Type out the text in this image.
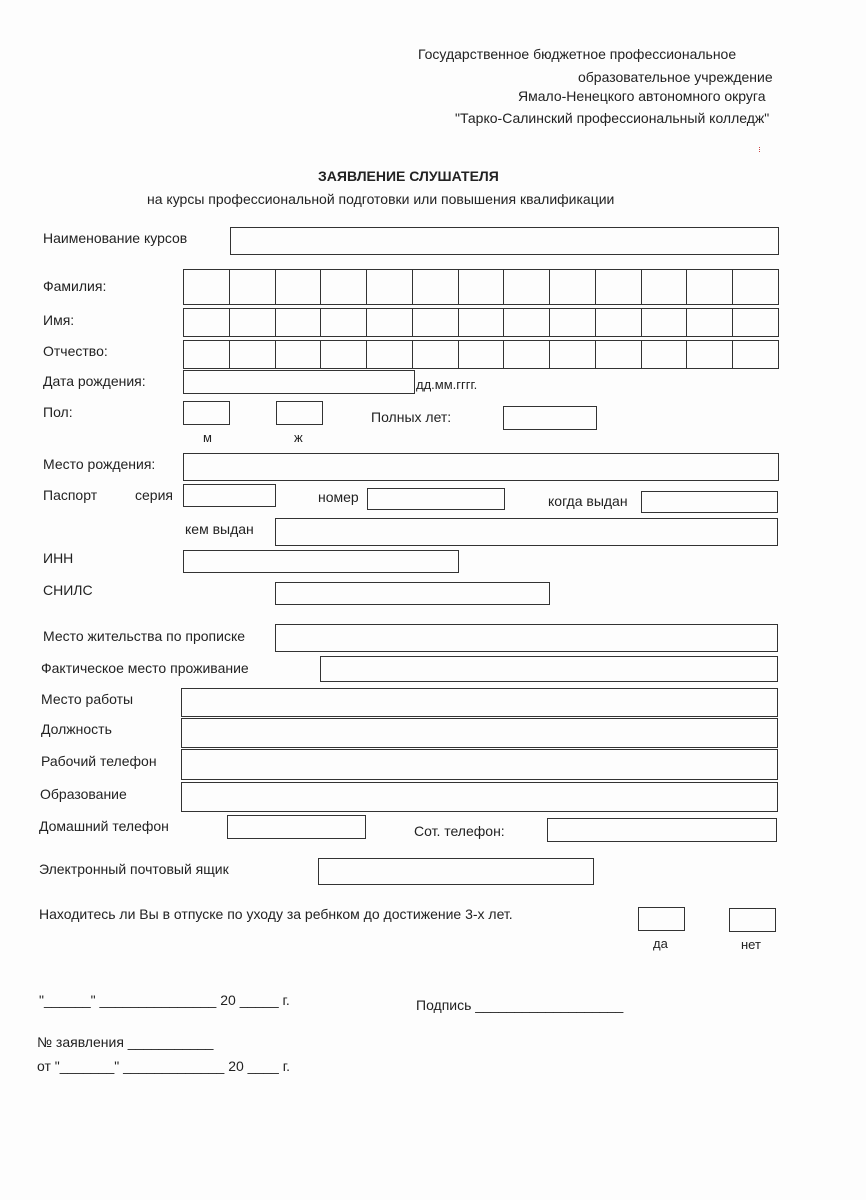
Государственное бюджетное профессиональное
образовательное учреждение
Ямало-Ненецкого автономного округа
"Тарко-Салинский профессиональный колледж"
ЗАЯВЛЕНИЕ СЛУШАТЕЛЯ
на курсы профессиональной подготовки или повышения квалификации
Наименование курсов
Фамилия:
Имя:
Отчество:
Дата рождения:	дд.мм.гггг.
Пол:
м	ж
Полных лет:
Место рождения:
Паспорт	серия	номер	когда выдан
кем выдан
ИНН
СНИЛС
Место жительства по прописке
Фактическое место проживание
Место работы
Должность
Рабочий телефон
Образование
Домашний телефон	Сот. телефон:
Электронный почтовый ящик
Находитесь ли Вы в отпуске по уходу за ребнком до достижение 3-х лет.
да	нет
"______" _______________ 20 _____ г.	Подпись ___________________
№ заявления ___________
от "_______" _____________ 20 ____ г.
